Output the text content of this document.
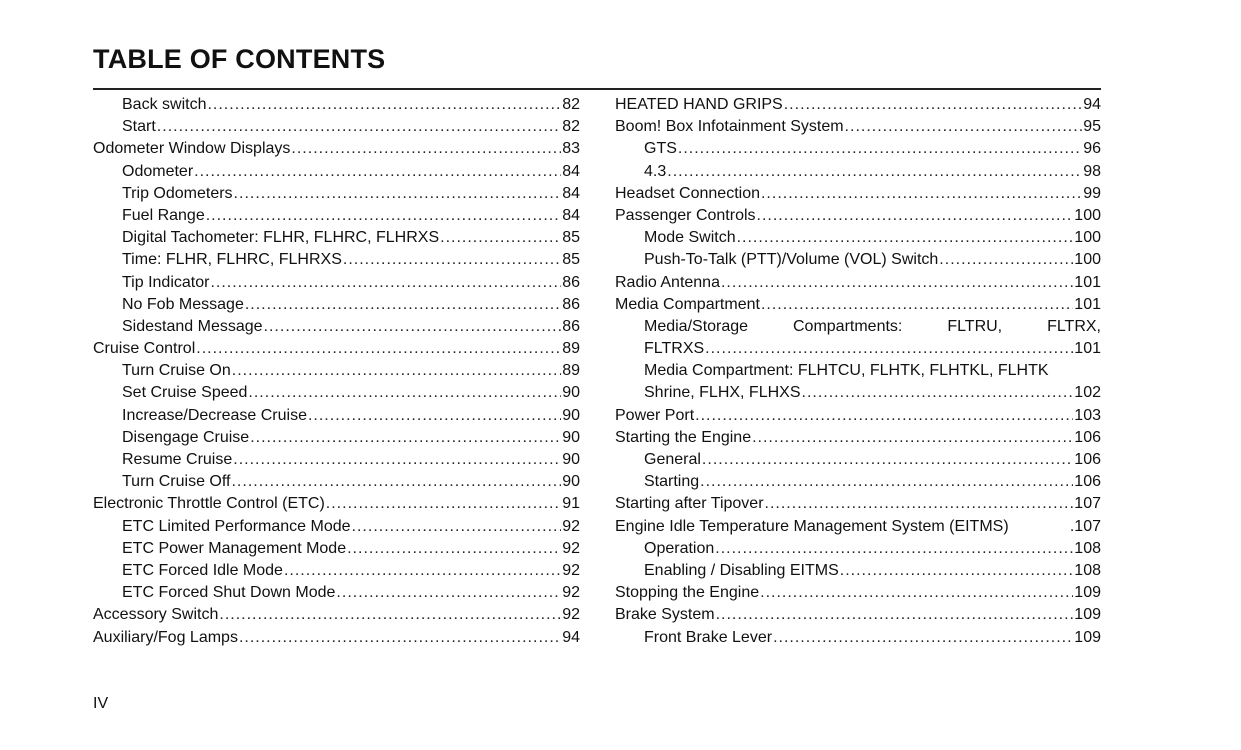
TABLE OF CONTENTS
Back switch .....	82
Start .....	82
Odometer Window Displays .....	83
Odometer .....	84
Trip Odometers .....	84
Fuel Range .....	84
Digital Tachometer: FLHR, FLHRC, FLHRXS .....	85
Time: FLHR, FLHRC, FLHRXS .....	85
Tip Indicator .....	86
No Fob Message .....	86
Sidestand Message .....	86
Cruise Control .....	89
Turn Cruise On .....	89
Set Cruise Speed .....	90
Increase/Decrease Cruise .....	90
Disengage Cruise .....	90
Resume Cruise .....	90
Turn Cruise Off .....	90
Electronic Throttle Control (ETC) .....	91
ETC Limited Performance Mode .....	92
ETC Power Management Mode .....	92
ETC Forced Idle Mode .....	92
ETC Forced Shut Down Mode .....	92
Accessory Switch .....	92
Auxiliary/Fog Lamps .....	94
HEATED HAND GRIPS .....	94
Boom! Box Infotainment System .....	95
GTS .....	96
4.3 .....	98
Headset Connection .....	99
Passenger Controls .....	100
Mode Switch .....	100
Push-To-Talk (PTT)/Volume (VOL) Switch .....	100
Radio Antenna .....	101
Media Compartment .....	101
Media/Storage	Compartments:	FLTRU,	FLTRX,
FLTRXS .....	101
Media Compartment: FLHTCU, FLHTK, FLHTKL, FLHTK
Shrine, FLHX, FLHXS .....	102
Power Port .....	103
Starting the Engine .....	106
General .....	106
Starting .....	106
Starting after Tipover .....	107
Engine Idle Temperature Management System (EITMS)	. 107
Operation .....	108
Enabling / Disabling EITMS .....	108
Stopping the Engine .....	109
Brake System .....	109
Front Brake Lever .....	109
IV
